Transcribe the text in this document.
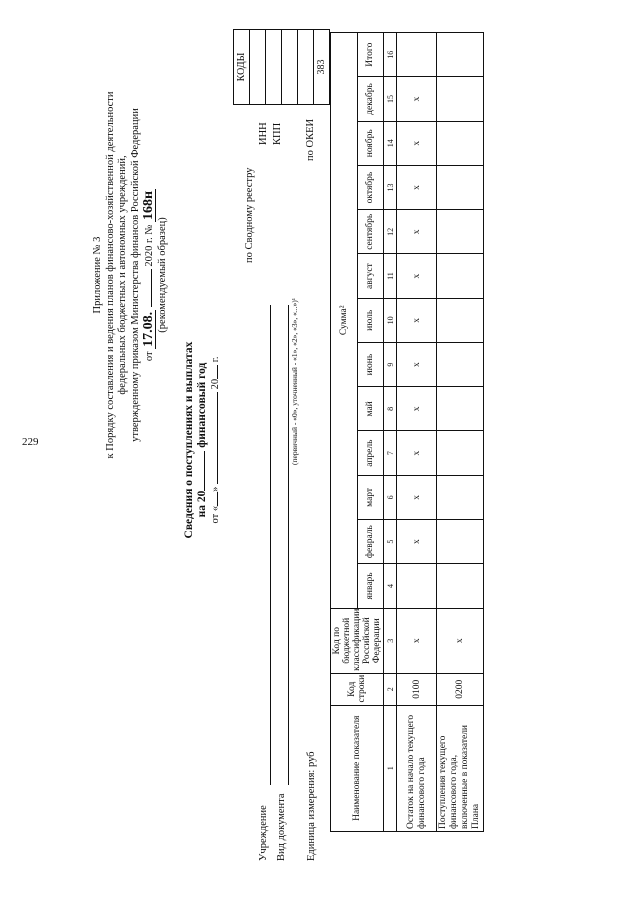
229
Приложение № 3 к Порядку составления и ведения планов финансово-хозяйственной деятельности федеральных бюджетных и автономных учреждений, утвержденному приказом Министерства финансов Российской Федерации от 17.08.  2020 г. № 168н
(рекомендуемый образец)
Сведения о поступлениях и выплатах на 20 финансовый год
от «»  20 г.
по Сводному реестру
ИНН КПП по ОКЕИ
КОДЫ

383
Учреждение Вид документа
(первичный - «0», уточненный - «1», «2», «3», «...»)¹
Единица измерения: руб	Наименование показателя	Код строки	Код по бюджетной классификации Российской Федерации	Сумма²												
			январь	февраль	март	апрель	май	июнь	июль	август	сентябрь	октябрь	ноябрь	декабрь	Итого
1	2	3	4	5	6	7	8	9	10	11	12	13	14	15	16
Остаток на начало текущего финансового года	0100	x		x	x	x	x	x	x	x	x	x	x	x	
Поступления текущего финансового года, включенные в показатели Плана	0200	x													
